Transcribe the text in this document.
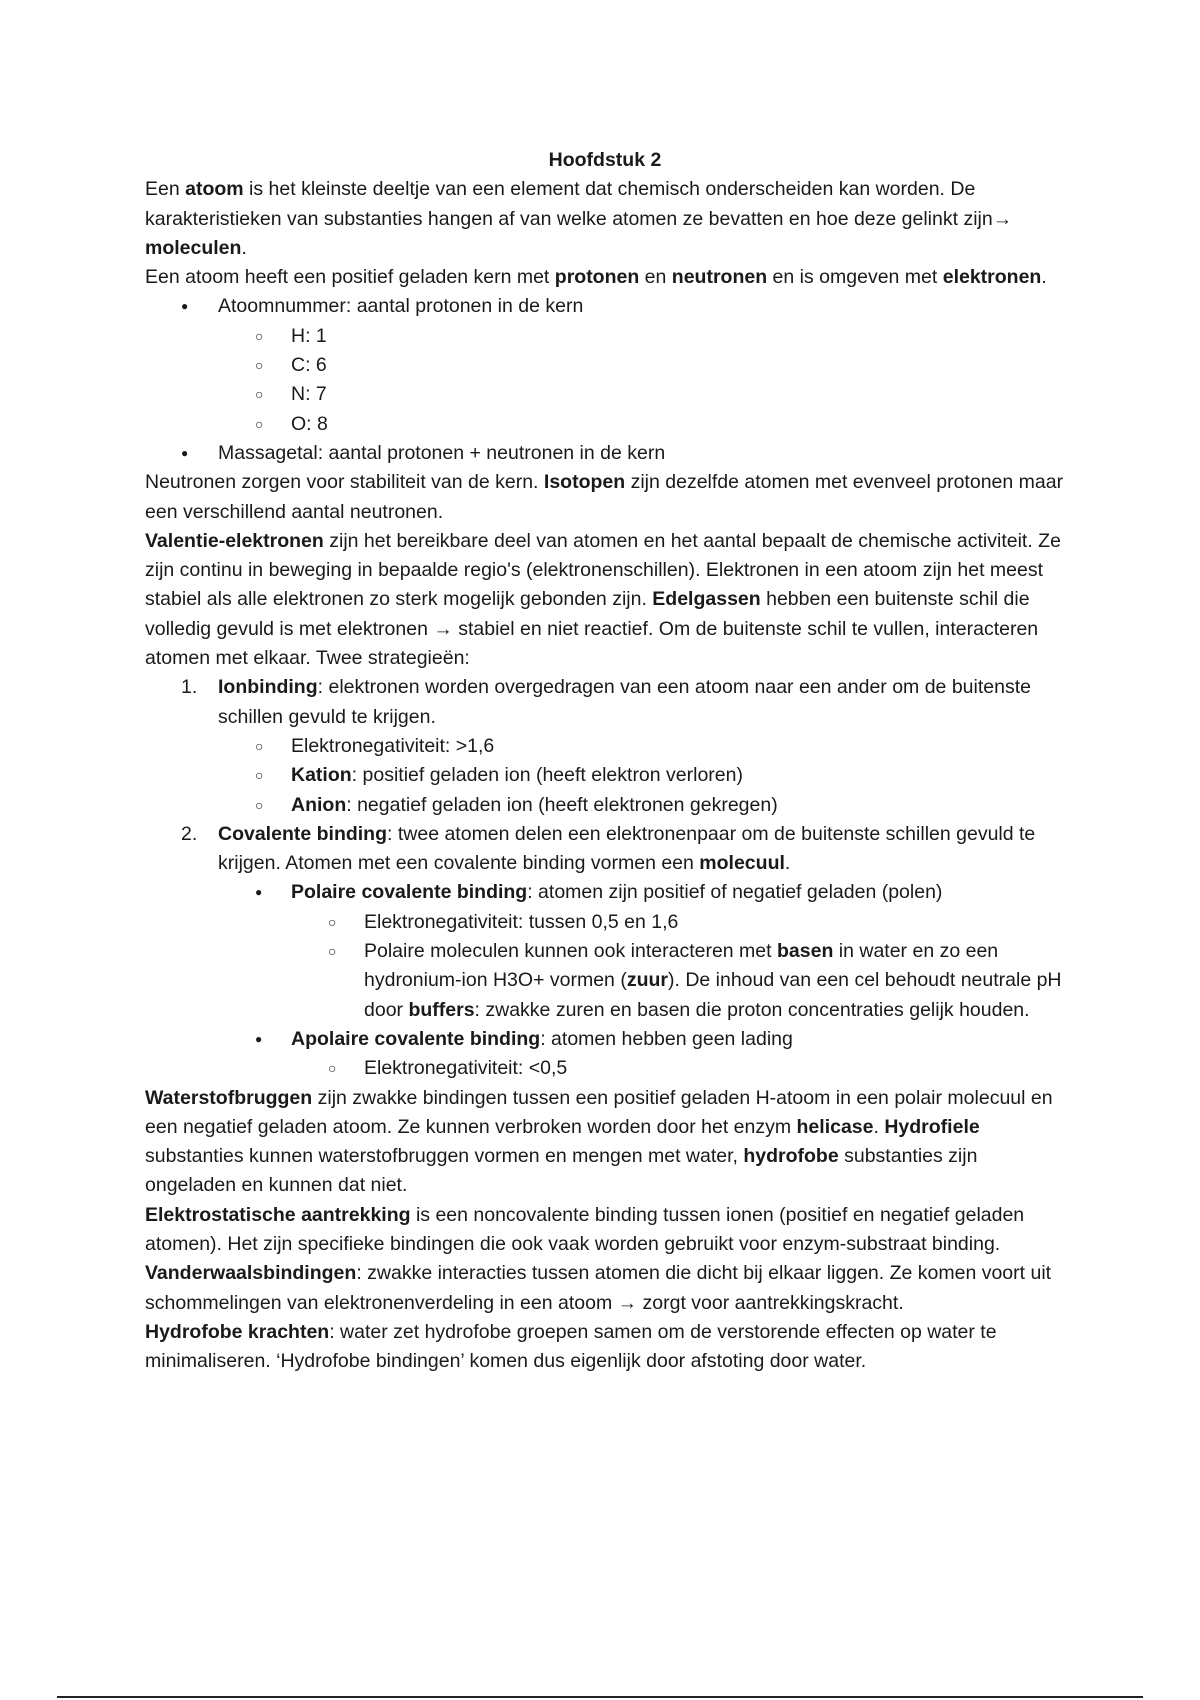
Hoofdstuk 2

Een atoom is het kleinste deeltje van een element dat chemisch onderscheiden kan worden. De karakteristieken van substanties hangen af van welke atomen ze bevatten en hoe deze gelinkt zijn→ moleculen.

Een atoom heeft een positief geladen kern met protonen en neutronen en is omgeven met elektronen.

●
Atoomnummer: aantal protonen in de kern
○
H: 1
○
C: 6
○
N: 7
○
O: 8
●
Massagetal: aantal protonen + neutronen in de kern

Neutronen zorgen voor stabiliteit van de kern. Isotopen zijn dezelfde atomen met evenveel protonen maar een verschillend aantal neutronen.

Valentie-elektronen zijn het bereikbare deel van atomen en het aantal bepaalt de chemische activiteit. Ze zijn continu in beweging in bepaalde regio's (elektronenschillen). Elektronen in een atoom zijn het meest stabiel als alle elektronen zo sterk mogelijk gebonden zijn. Edelgassen hebben een buitenste schil die volledig gevuld is met elektronen → stabiel en niet reactief. Om de buitenste schil te vullen, interacteren atomen met elkaar. Twee strategieën:

1. Ionbinding: elektronen worden overgedragen van een atoom naar een ander om de buitenste schillen gevuld te krijgen.
○
Elektronegativiteit: >1,6
○
Kation: positief geladen ion (heeft elektron verloren)
○
Anion: negatief geladen ion (heeft elektronen gekregen)
2. Covalente binding: twee atomen delen een elektronenpaar om de buitenste schillen gevuld te krijgen. Atomen met een covalente binding vormen een molecuul.
●
Polaire covalente binding: atomen zijn positief of negatief geladen (polen)
○
Elektronegativiteit: tussen 0,5 en 1,6
○
Polaire moleculen kunnen ook interacteren met basen in water en zo een hydronium-ion H3O+ vormen (zuur). De inhoud van een cel behoudt neutrale pH door buffers: zwakke zuren en basen die proton concentraties gelijk houden.
●
Apolaire covalente binding: atomen hebben geen lading
○
Elektronegativiteit: <0,5

Waterstofbruggen zijn zwakke bindingen tussen een positief geladen H-atoom in een polair molecuul en een negatief geladen atoom. Ze kunnen verbroken worden door het enzym helicase. Hydrofiele substanties kunnen waterstofbruggen vormen en mengen met water, hydrofobe substanties zijn ongeladen en kunnen dat niet.

Elektrostatische aantrekking is een noncovalente binding tussen ionen (positief en negatief geladen atomen). Het zijn specifieke bindingen die ook vaak worden gebruikt voor enzym-substraat binding.

Vanderwaalsbindingen: zwakke interacties tussen atomen die dicht bij elkaar liggen. Ze komen voort uit schommelingen van elektronenverdeling in een atoom → zorgt voor aantrekkingskracht.

Hydrofobe krachten: water zet hydrofobe groepen samen om de verstorende effecten op water te minimaliseren. ‘Hydrofobe bindingen’ komen dus eigenlijk door afstoting door water.
